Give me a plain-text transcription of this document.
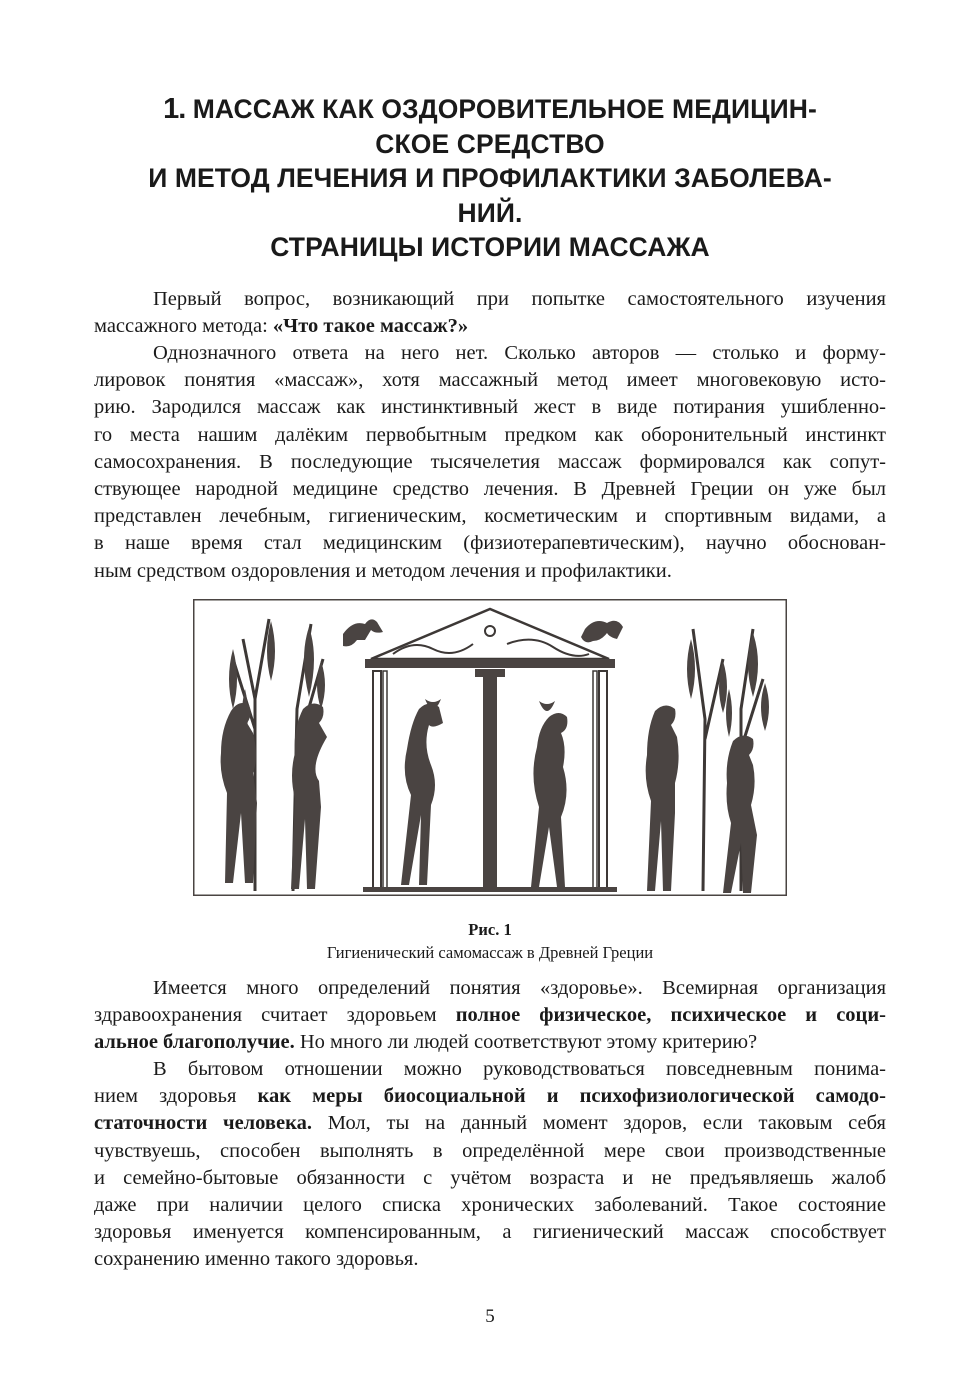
1. МАССАЖ КАК ОЗДОРОВИТЕЛЬНОЕ МЕДИЦИН-
СКОЕ СРЕДСТВО
И МЕТОД ЛЕЧЕНИЯ И ПРОФИЛАКТИКИ ЗАБОЛЕВА-
НИЙ.
СТРАНИЦЫ ИСТОРИИ МАССАЖА
Первый вопрос, возникающий при попытке самостоятельного изучения
массажного метода: «Что такое массаж?»
Однозначного ответа на него нет. Сколько авторов — столько и форму-
лировок понятия «массаж», хотя массажный метод имеет многовековую исто-
рию. Зародился массаж как инстинктивный жест в виде потирания ушибленно-
го места нашим далёким первобытным предком как оборонительный инстинкт
самосохранения. В последующие тысячелетия массаж формировался как сопут-
ствующее народной медицине средство лечения. В Древней Греции он уже был
представлен лечебным, гигиеническим, косметическим и спортивным видами, а
в наше время стал медицинским (физиотерапевтическим), научно обоснован-
ным средством оздоровления и методом лечения и профилактики.

Рис. 1

Гигиенический самомассаж в Древней Греции

Имеется много определений понятия «здоровье». Всемирная организация
здравоохранения считает здоровьем полное физическое, психическое и соци-
альное благополучие. Но много ли людей соответствуют этому критерию?
В бытовом отношении можно руководствоваться повседневным понима-
нием здоровья как меры биосоциальной и психофизиологической самодо-
статочности человека. Мол, ты на данный момент здоров, если таковым себя
чувствуешь, способен выполнять в определённой мере свои производственные
и семейно-бытовые обязанности с учётом возраста и не предъявляешь жалоб
даже при наличии целого списка хронических заболеваний. Такое состояние
здоровья именуется компенсированным, а гигиенический массаж способствует
сохранению именно такого здоровья.

5
